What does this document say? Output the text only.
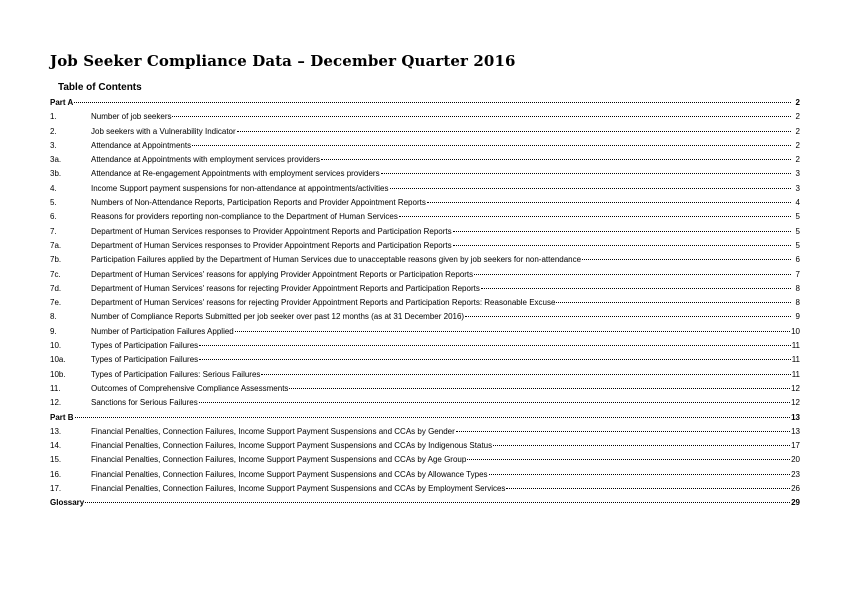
Job Seeker Compliance Data – December Quarter 2016
Table of Contents
Part A	2
1.	Number of job seekers	2
2.	Job seekers with a Vulnerability Indicator	2
3.	Attendance at Appointments	2
3a.	Attendance at Appointments with employment services providers	2
3b.	Attendance at Re-engagement Appointments with employment services providers	3
4.	Income Support payment suspensions for non-attendance at appointments/activities	3
5.	Numbers of Non-Attendance Reports, Participation Reports and Provider Appointment Reports	4
6.	Reasons for providers reporting non-compliance to the Department of Human Services	5
7.	Department of Human Services responses to Provider Appointment Reports and Participation Reports	5
7a.	Department of Human Services responses to Provider Appointment Reports and Participation Reports	5
7b.	Participation Failures applied by the Department of Human Services due to unacceptable reasons given by job seekers for non-attendance	6
7c.	Department of Human Services' reasons for applying Provider Appointment Reports or Participation Reports	7
7d.	Department of Human Services' reasons for rejecting Provider Appointment Reports and Participation Reports	8
7e.	Department of Human Services' reasons for rejecting Provider Appointment Reports and Participation Reports: Reasonable Excuse	8
8.	Number of Compliance Reports Submitted per job seeker over past 12 months (as at 31 December 2016)	9
9.	Number of Participation Failures Applied	10
10.	Types of Participation Failures	11
10a.	Types of Participation Failures	11
10b.	Types of Participation Failures: Serious Failures	11
11.	Outcomes of Comprehensive Compliance Assessments	12
12.	Sanctions for Serious Failures	12
Part B	13
13.	Financial Penalties, Connection Failures, Income Support Payment Suspensions and CCAs by Gender	13
14.	Financial Penalties, Connection Failures, Income Support Payment Suspensions and CCAs by Indigenous Status	17
15.	Financial Penalties, Connection Failures, Income Support Payment Suspensions and CCAs by Age Group	20
16.	Financial Penalties, Connection Failures, Income Support Payment Suspensions and CCAs by Allowance Types	23
17.	Financial Penalties, Connection Failures, Income Support Payment Suspensions and CCAs by Employment Services	26
Glossary	29
